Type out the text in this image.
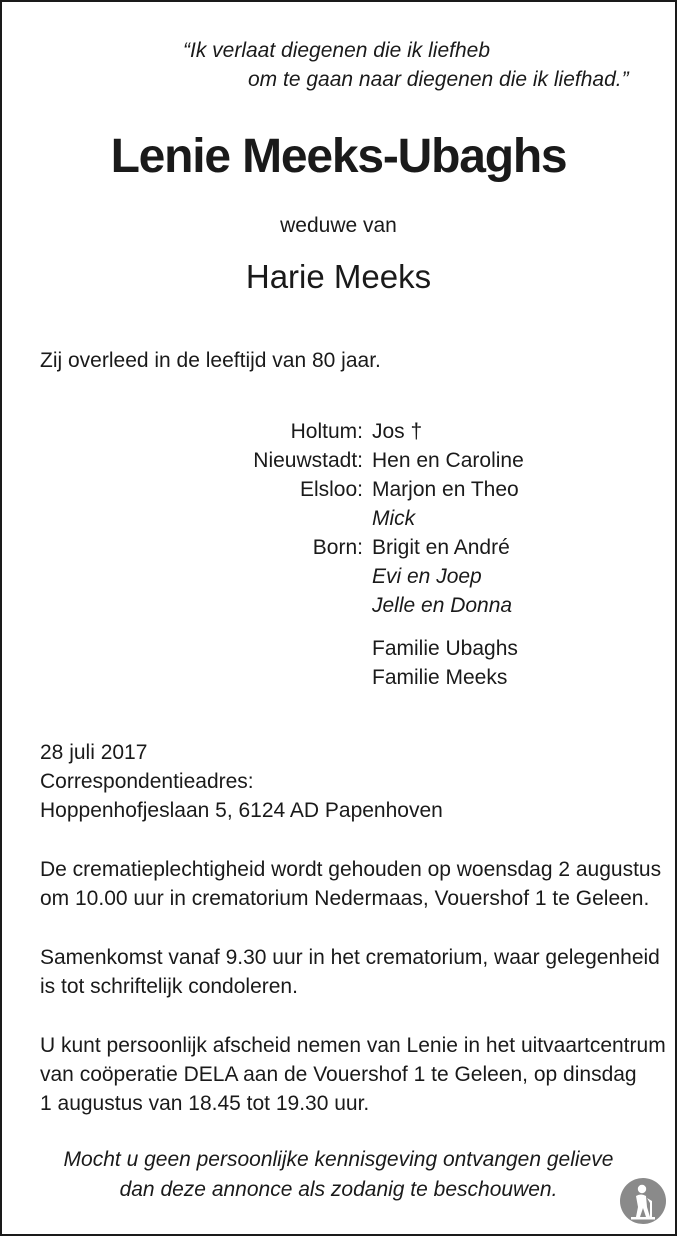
“Ik verlaat diegenen die ik liefheb
om te gaan naar diegenen die ik liefhad.”
Lenie Meeks-Ubaghs
weduwe van
Harie Meeks
Zij overleed in de leeftijd van 80 jaar.
Holtum: Jos †
Nieuwstadt: Hen en Caroline
Elsloo: Marjon en Theo
Mick
Born: Brigit en André
Evi en Joep
Jelle en Donna
Familie Ubaghs
Familie Meeks
28 juli 2017
Correspondentieadres:
Hoppenhofjeslaan 5, 6124 AD Papenhoven
De crematieplechtigheid wordt gehouden op woensdag 2 augustus
om 10.00 uur in crematorium Nedermaas, Vouershof 1 te Geleen.
Samenkomst vanaf 9.30 uur in het crematorium, waar gelegenheid
is tot schriftelijk condoleren.
U kunt persoonlijk afscheid nemen van Lenie in het uitvaartcentrum
van coöperatie DELA aan de Vouershof 1 te Geleen, op dinsdag
1 augustus van 18.45 tot 19.30 uur.
Mocht u geen persoonlijke kennisgeving ontvangen gelieve
dan deze annonce als zodanig te beschouwen.
